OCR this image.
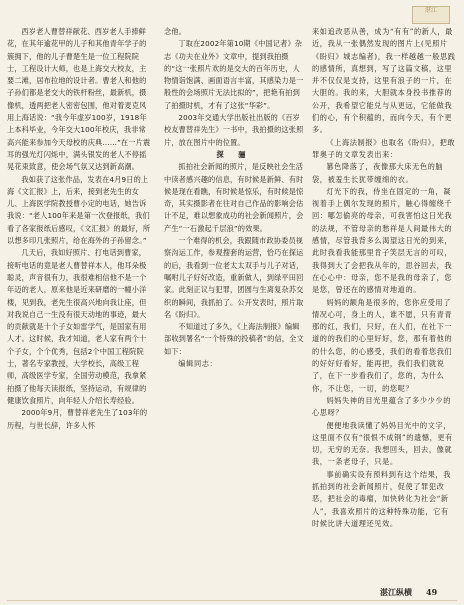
湛江

西岁老人曹替祥献花、西岁老人手捧鲜花，在其年逾花甲的儿子和其他青年学子的簇拥下，他的儿子曹楚生是一位工程院院士，工程设计大师，也是上海交大校友，主要二滩，居布拉地的设计者。曹老人和他的子孙们都是老交大的铁杆粉丝，最新机，摄像机，透两把老人密密包围，他对着麦克风用上海话说：“我今年虚岁100岁，1918年上本科毕业，今年交大100年校庆，我非常高兴能来参加今天母校的庆典……”在一片震耳的强光灯闪烁中，满头银发的老人不停摇晃花束致意，使会场气氛又达到新高潮。

我如获了这张作品，发表在4月9日的上海《文汇报》上，后来，接到老先生的女儿、上海医学院教授曹小定的电话，她告诉我说：“老人100年来是第一次登报纸，我们看了各家报纸后感叹，《文汇报》的最好，所以想多印几张照片，给在海外的子孙留念。”

几天后，我如好照片、打电话到曹家，接听电话的竟是老人曹替祥本人，他耳朵极聪灵，声音很有力，我很难相信他不是一个年迈的老人，原来他是近来研磨的一幢小洋楼，见到我，老先生很高兴地向我让座，但对我说自己一生没有很天动地的事迹，最大的贡献就是十个子女如雷学气，是国家有用人才。这时候，我才知道，老人家有两个十个子女，个个优秀，包括2个中国工程院院士，著名专家教授，大学校长，高级工程师，高级医学专家，全国劳动模范，我拿紧拍摄了他每天读报纸，坚持运动，有规律的健康饮食照片，向年轻人介绍长寿经验。

2000年9月，曹替祥老先生了103年的历程，与世长辞，许多人怀

念他。

丁取在2002年第10期《中国记者》杂志《功夫在业外》文章中，提到我拍摄的“这一张照片欢的是交大的百年历史，人物情诣饱满、画面语言丰富，其感染力是一般性的会场照片无法比拟的”，把艳有拍到了拍摄时机，才有了这张“华彩”。

2003年交通大学出版社出版的《百岁校友曹替祥先生》一书中，我拍摄的这张照片，放在图片中的位置。

探 骊

抓拍社会新闻的照片，是反映社会生活中读者感兴趣的信息，有时候是新鲜、有时候是现在看瞧，有时候是惊乐，有时候是惊奇，其实摄影者在往对自己作品的影响会估计不足，难以想象成功的社会新闻照片，会产生“一石激起千层浪”的效果。

一个难得的机会，我跟随市政协委员视察沟运工作，参观搜套的运营，恰巧在探运的后，我看到一位老太太双手与儿子对话，嘱咐儿子好好改造，重新做人，到绿平田回家。此刻正议与犯罪，团圆与生离复杂苏交织的瞬间，我抓拍了。公开发表时，照片取名《盼归》。

不知道过了多久，《上海法制报》编辑部收到署名“一个特殊的投稿者”的信，全文如下：

编辑同志：

来如追改恶从善，成为“有有”的新人，最近，我从一张偶然发现的图片上(见照片《盼归》城志编者)，我一样越越一般思践的感情所，真想到，写了这篇文稿，这里并不仅仅是支持，这里有浪子的一片，在大胆的。我的来，大胆就本身投书推荐的公开，我希望它能兑与从更远，它能做我们的心，有个积蕴的，而向今天，有个更多。

《上海法制报》也取名《盼归》，把敢罪奥子的文章发表出来：

篡色降落了，夜像那大床无色的脑袋，被羞生长犹带缠绵的衣。

灯光下的我，侍坐在固定的一角，凝视着手上偶尔发现的照片，触心得缠绕千回：哪怎偷亮的母亲，可我害怕这日光我的法规，不管母亲的愁祥是人间最伟大的感情，尽管我背多么渴望这日光的到来，此时我看我能那里肯子笑层无言的可叹，我得到大了会把我从年的，思谷回去，我在心心中：母亲，您不是我的母亲了，您是您，曾还在的感情对地道的。

妈妈的额角是很多的，您你应受用了情况心可，身上的人，谁不愿，只有青青那的红，我们，只好，在人们，在社下一道的的我们的心里好好，您，那有着他的的什么您，的心感受，我们的看着您我们的好好好看好，能再把，我们我们就说了，在下一步看我们了，您的，为什么你，不让您，一切，的您呢？

妈妈失神的目光里蕴含了多少少少的心思呀？

便便地我读懂了妈妈目光中的文字，这里面不仅有“很恨不成钢”的遗憾，更有切，无穷的无奈。我想回头，回去，像就我，一条老母子，只是。

事前确实设有预料到有这个结果，我抓拍到的社会新闻照片，促使了罪犯改恶，把社会的毒瘤，加快转化为社会“新人”，我喜欢照片的这种特殊功能，它有时候比讲大道理还见效。

湛江纵横 49
